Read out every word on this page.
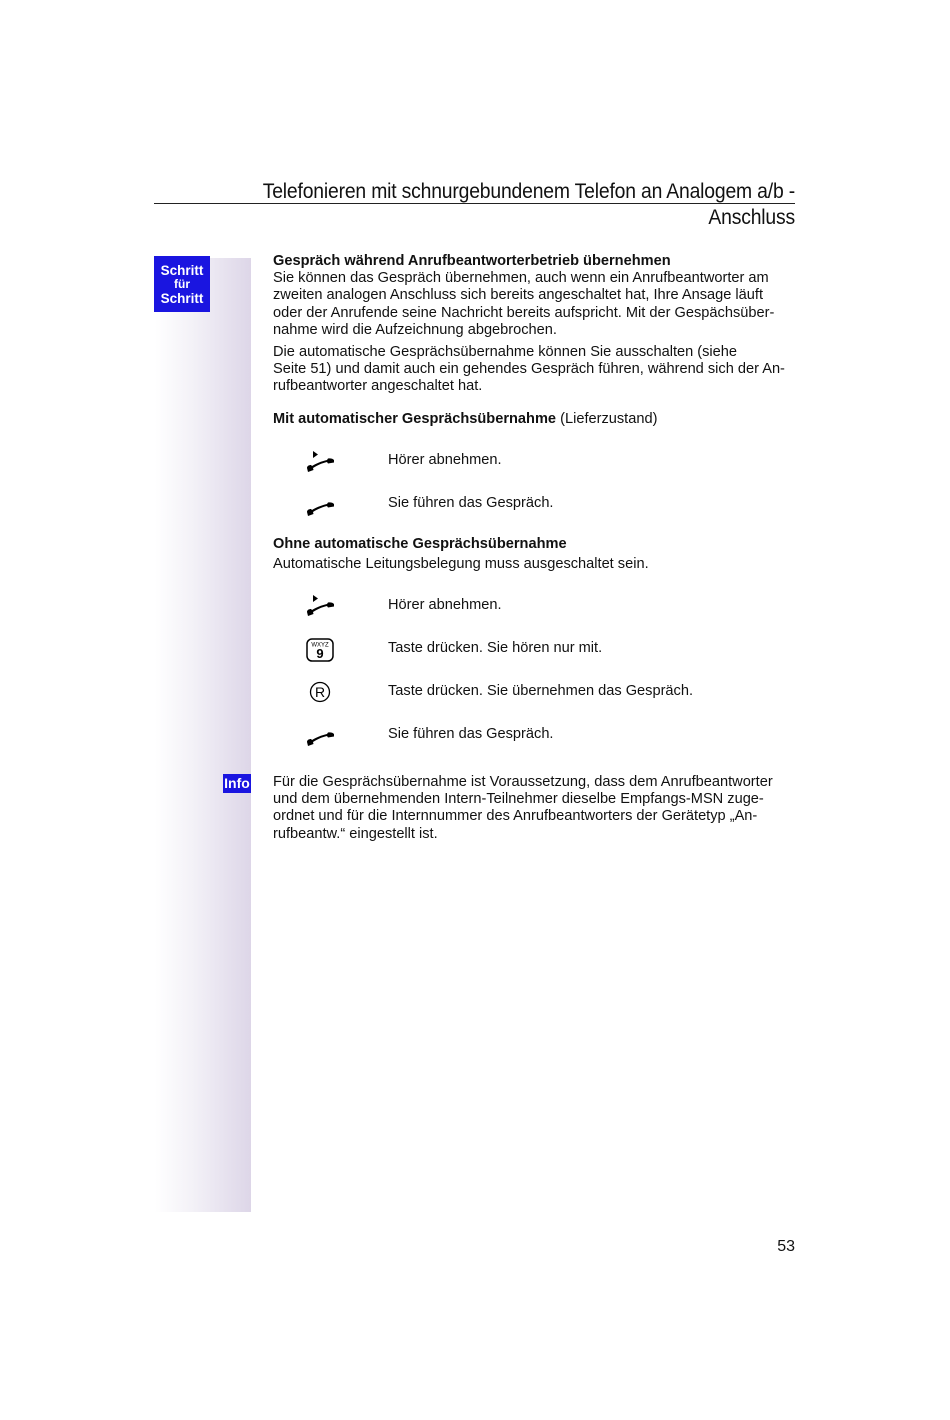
Telefonieren mit schnurgebundenem Telefon an Analogem a/b - Anschluss
Schritt
für
Schritt

Gespräch während Anrufbeantworterbetrieb übernehmen

Sie können das Gespräch übernehmen, auch wenn ein Anrufbeantworter am
zweiten analogen Anschluss sich bereits angeschaltet hat, Ihre Ansage läuft
oder der Anrufende seine Nachricht bereits aufspricht. Mit der Gespächsüber-
nahme wird die Aufzeichnung abgebrochen.

Die automatische Gesprächsübernahme können Sie ausschalten (siehe
Seite 51) und damit auch ein gehendes Gespräch führen, während sich der An-
rufbeantworter angeschaltet hat.

Mit automatischer Gesprächsübernahme (Lieferzustand)
Hörer abnehmen.
Sie führen das Gespräch.

Ohne automatische Gesprächsübernahme

Automatische Leitungsbelegung muss ausgeschaltet sein.

Hörer abnehmen.
WXYZ
9	Taste drücken. Sie hören nur mit.
R	Taste drücken. Sie übernehmen das Gespräch.
Sie führen das Gespräch.
Info Für die Gesprächsübernahme ist Voraussetzung, dass dem Anrufbeantworter
und dem übernehmenden Intern-Teilnehmer dieselbe Empfangs-MSN zuge-
ordnet und für die Internnummer des Anrufbeantworters der Gerätetyp „An-
rufbeantw.“ eingestellt ist.
53
